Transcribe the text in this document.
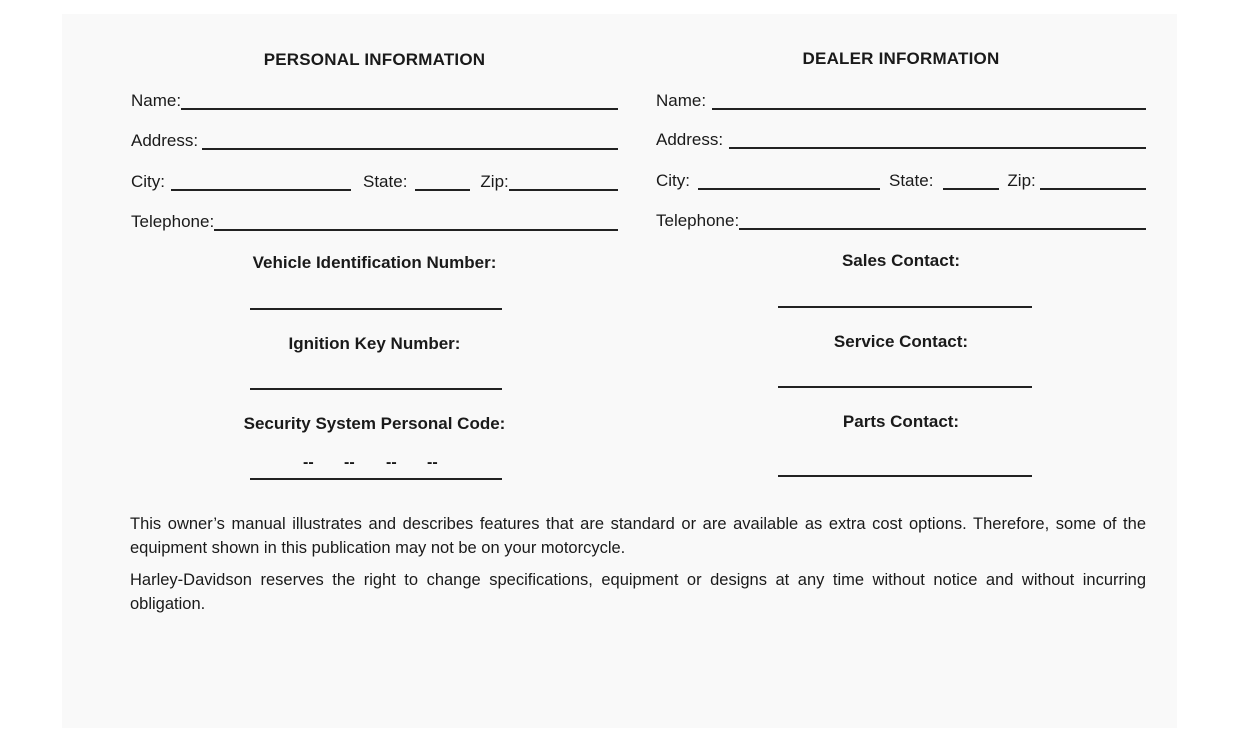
PERSONAL INFORMATION
Name:
Address:
City:	State:	Zip:
Telephone:
Vehicle Identification Number:
Ignition Key Number:
Security System Personal Code:
-- -- -- --
DEALER INFORMATION
Name:
Address:
City:	State:	Zip:
Telephone:
Sales Contact:
Service Contact:
Parts Contact:

This owner’s manual illustrates and describes features that are standard or are available as extra cost options. Therefore, some of the equipment shown in this publication may not be on your motorcycle.

Harley-Davidson reserves the right to change specifications, equipment or designs at any time without notice and without incurring obligation.
